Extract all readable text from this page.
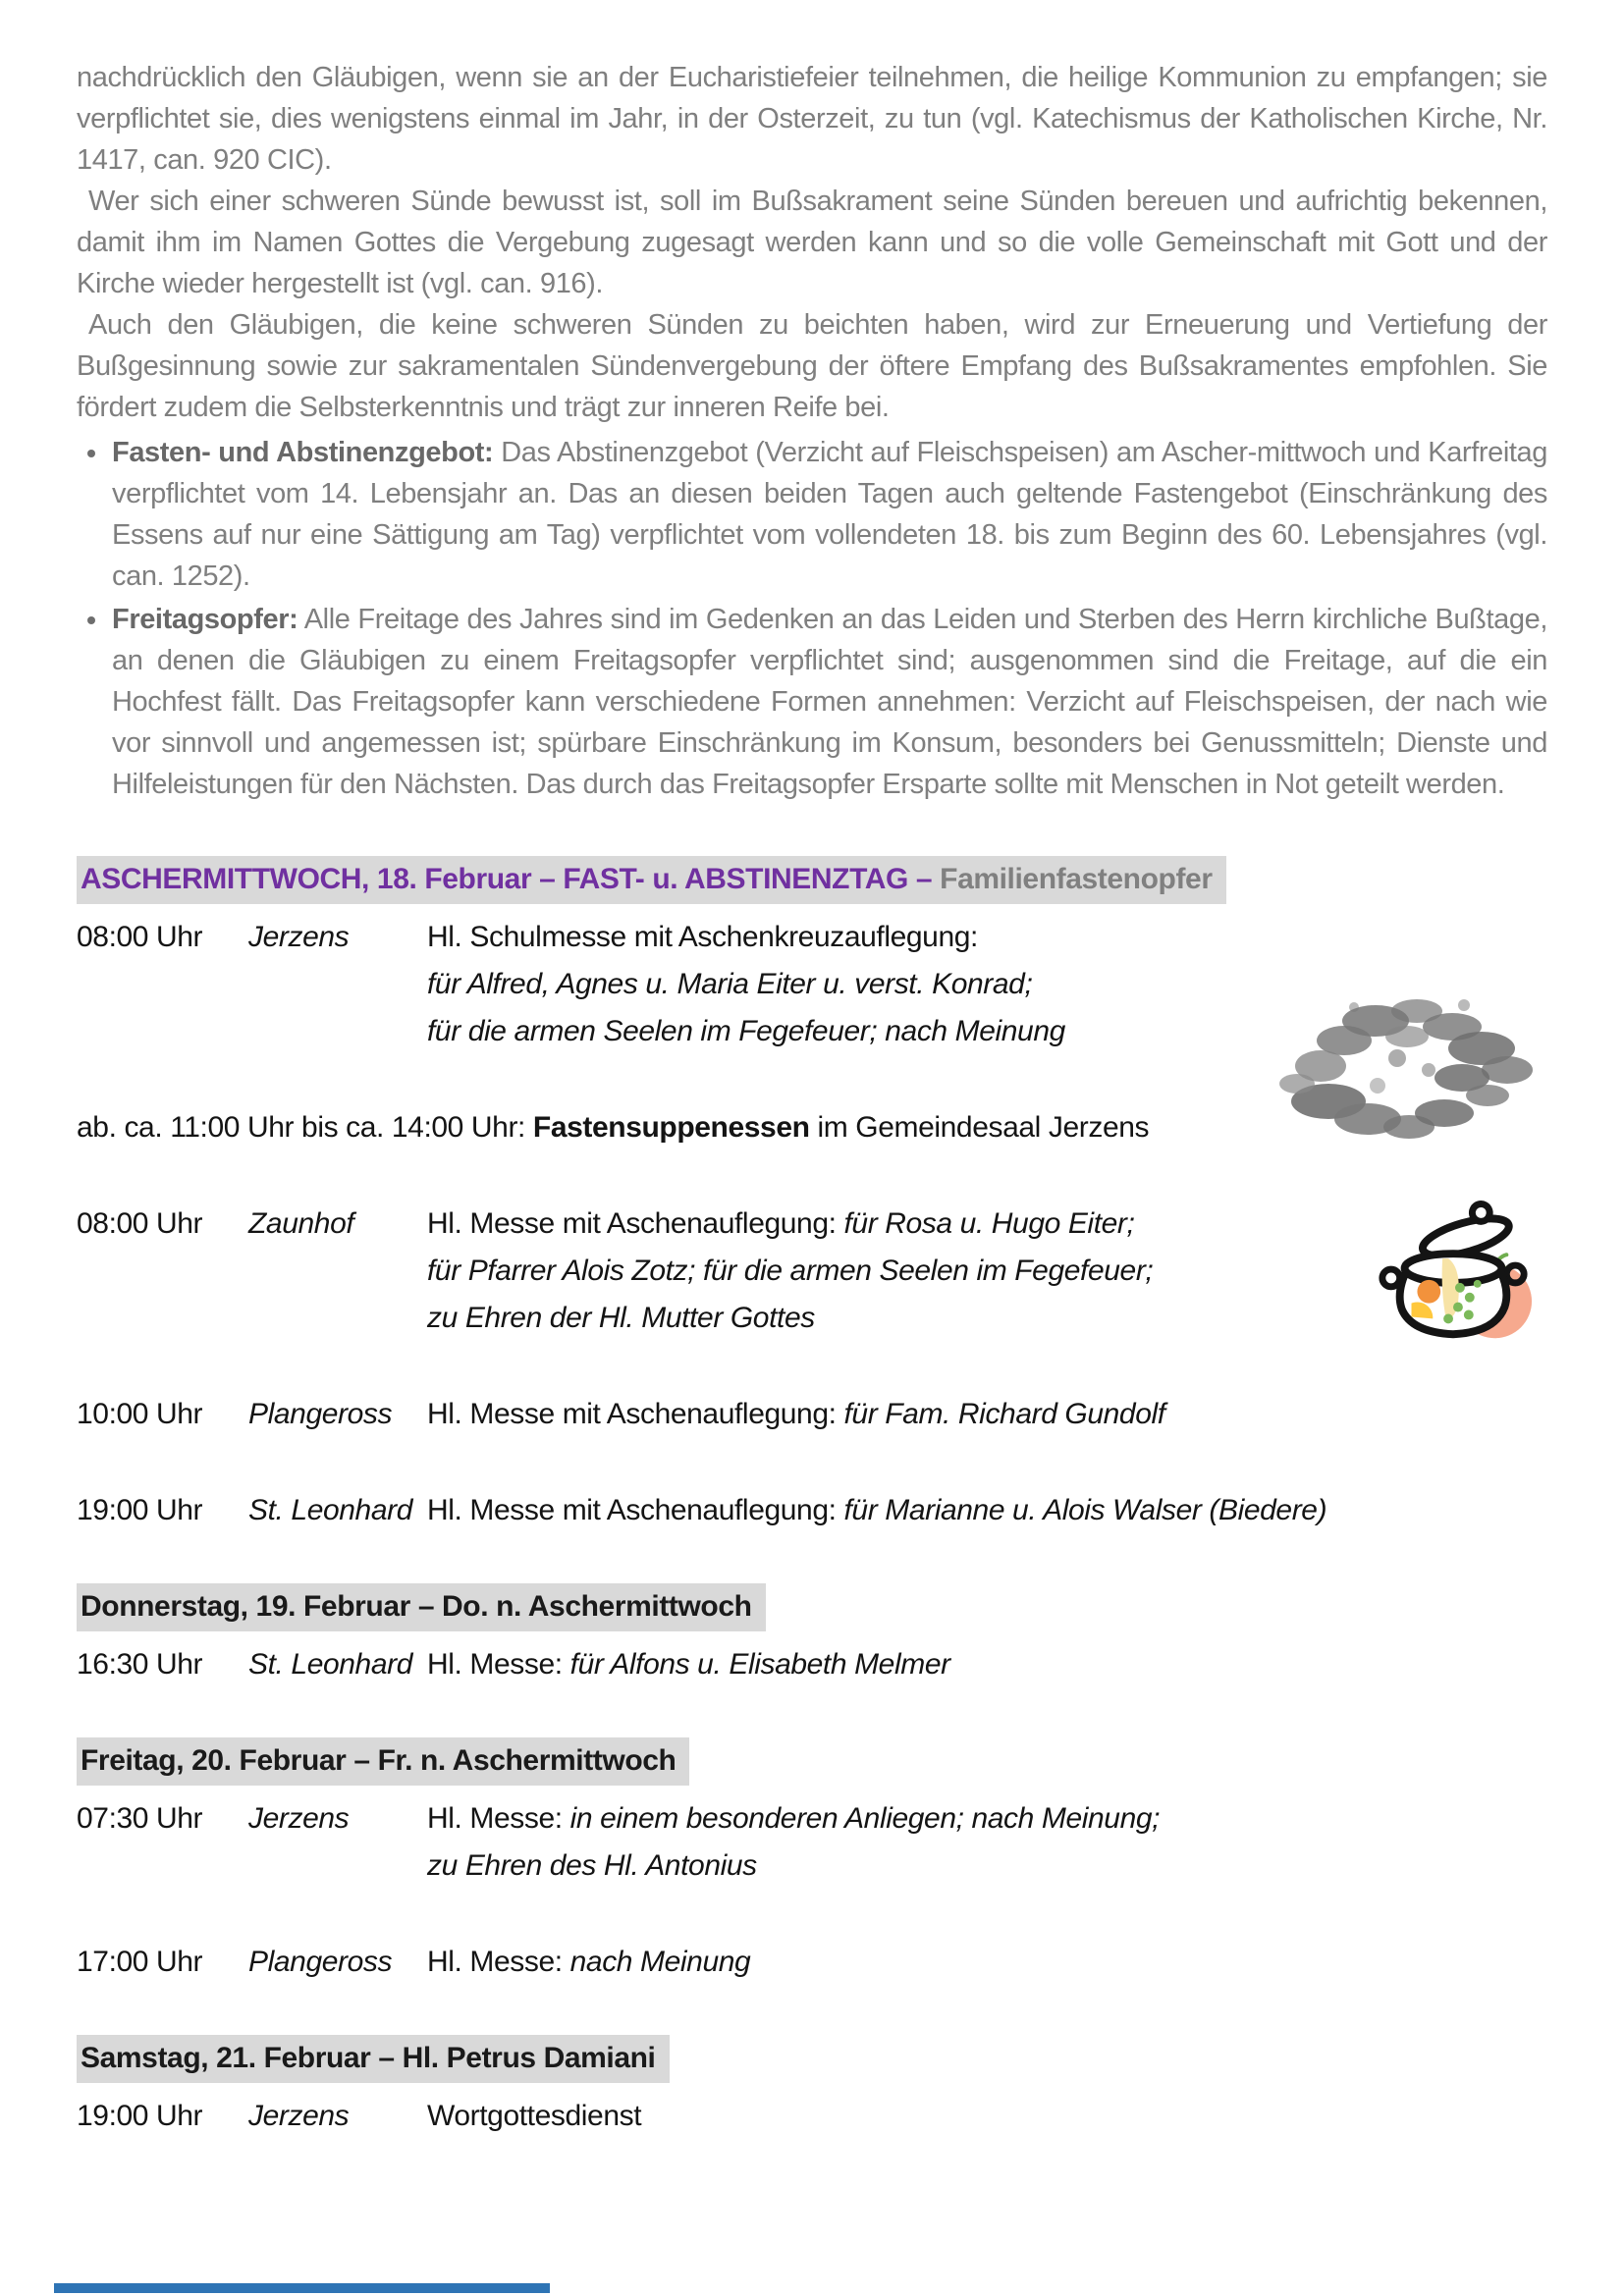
nachdrücklich den Gläubigen, wenn sie an der Eucharistiefeier teilnehmen, die heilige Kommunion zu empfangen; sie verpflichtet sie, dies wenigstens einmal im Jahr, in der Osterzeit, zu tun (vgl. Katechismus der Katholischen Kirche, Nr. 1417, can. 920 CIC).

Wer sich einer schweren Sünde bewusst ist, soll im Bußsakrament seine Sünden bereuen und aufrichtig bekennen, damit ihm im Namen Gottes die Vergebung zugesagt werden kann und so die volle Gemeinschaft mit Gott und der Kirche wieder hergestellt ist (vgl. can. 916).

Auch den Gläubigen, die keine schweren Sünden zu beichten haben, wird zur Erneuerung und Vertiefung der Bußgesinnung sowie zur sakramentalen Sündenvergebung der öftere Empfang des Bußsakramentes empfohlen. Sie fördert zudem die Selbsterkenntnis und trägt zur inneren Reife bei.

• Fasten- und Abstinenzgebot: Das Abstinenzgebot (Verzicht auf Fleischspeisen) am Ascher-mittwoch und Karfreitag verpflichtet vom 14. Lebensjahr an. Das an diesen beiden Tagen auch geltende Fastengebot (Einschränkung des Essens auf nur eine Sättigung am Tag) verpflichtet vom vollendeten 18. bis zum Beginn des 60. Lebensjahres (vgl. can. 1252).
• Freitagsopfer: Alle Freitage des Jahres sind im Gedenken an das Leiden und Sterben des Herrn kirchliche Bußtage, an denen die Gläubigen zu einem Freitagsopfer verpflichtet sind; ausgenommen sind die Freitage, auf die ein Hochfest fällt. Das Freitagsopfer kann verschiedene Formen annehmen: Verzicht auf Fleischspeisen, der nach wie vor sinnvoll und angemessen ist; spürbare Einschränkung im Konsum, besonders bei Genussmitteln; Dienste und Hilfeleistungen für den Nächsten. Das durch das Freitagsopfer Ersparte sollte mit Menschen in Not geteilt werden.
ASCHERMITTWOCH, 18. Februar – FAST- u. ABSTINENZTAG – Familienfastenopfer
08:00 Uhr	Jerzens	Hl. Schulmesse mit Aschenkreuzauflegung:
für Alfred, Agnes u. Maria Eiter u. verst. Konrad;
für die armen Seelen im Fegefeuer; nach Meinung
ab. ca. 11:00 Uhr bis ca. 14:00 Uhr: Fastensuppenessen im Gemeindesaal Jerzens
08:00 Uhr	Zaunhof	Hl. Messe mit Aschenauflegung: für Rosa u. Hugo Eiter;
für Pfarrer Alois Zotz; für die armen Seelen im Fegefeuer;
zu Ehren der Hl. Mutter Gottes
10:00 Uhr	Plangeross	Hl. Messe mit Aschenauflegung: für Fam. Richard Gundolf
19:00 Uhr	St. Leonhard Hl. Messe mit Aschenauflegung: für Marianne u. Alois Walser (Biedere)
Donnerstag, 19. Februar – Do. n. Aschermittwoch
16:30 Uhr	St. Leonhard Hl. Messe: für Alfons u. Elisabeth Melmer
Freitag, 20. Februar – Fr. n. Aschermittwoch
07:30 Uhr	Jerzens	Hl. Messe: in einem besonderen Anliegen; nach Meinung;
zu Ehren des Hl. Antonius
17:00 Uhr	Plangeross	Hl. Messe: nach Meinung
Samstag, 21. Februar – Hl. Petrus Damiani
19:00 Uhr	Jerzens	Wortgottesdienst
